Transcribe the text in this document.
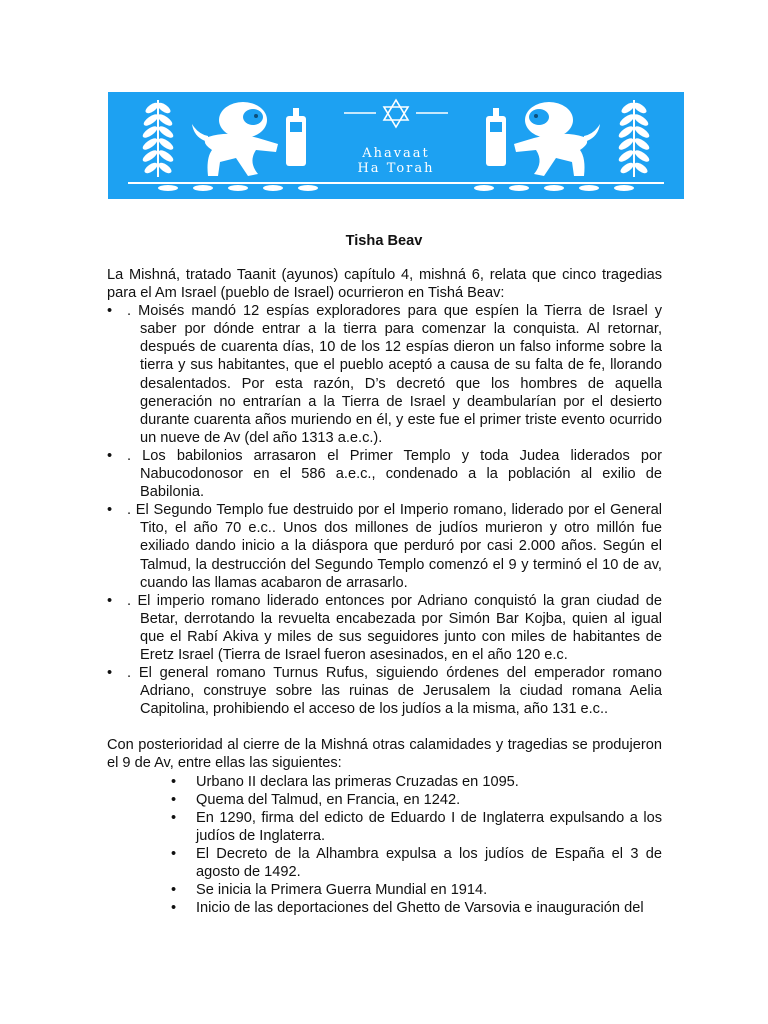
Ahavaat
Ha Torah
Tisha Beav

La Mishná, tratado Taanit (ayunos) capítulo 4, mishná 6, relata que cinco tragedias para el Am Israel (pueblo de Israel) ocurrieron en Tishá Beav:

• . Moisés mandó 12 espías exploradores para que espíen la Tierra de Israel y saber por dónde entrar a la tierra para comenzar la conquista. Al retornar, después de cuarenta días, 10 de los 12 espías dieron un falso informe sobre la tierra y sus habitantes, que el pueblo aceptó a causa de su falta de fe, llorando desalentados. Por esta razón, D’s decretó que los hombres de aquella generación no entrarían a la Tierra de Israel y deambularían por el desierto durante cuarenta años muriendo en él, y este fue el primer triste evento ocurrido un nueve de Av (del año 1313 a.e.c.).
• . Los babilonios arrasaron el Primer Templo y toda Judea liderados por Nabucodonosor en el 586 a.e.c., condenado a la población al exilio de Babilonia.
• . El Segundo Templo fue destruido por el Imperio romano, liderado por el General Tito, el año 70 e.c.. Unos dos millones de judíos murieron y otro millón fue exiliado dando inicio a la diáspora que perduró por casi 2.000 años. Según el Talmud, la destrucción del Segundo Templo comenzó el 9 y terminó el 10 de av, cuando las llamas acabaron de arrasarlo.
• . El imperio romano liderado entonces por Adriano conquistó la gran ciudad de Betar, derrotando la revuelta encabezada por Simón Bar Kojba, quien al igual que el Rabí Akiva y miles de sus seguidores junto con miles de habitantes de Eretz Israel (Tierra de Israel fueron asesinados, en el año 120 e.c.
• . El general romano Turnus Rufus, siguiendo órdenes del emperador romano Adriano, construye sobre las ruinas de Jerusalem la ciudad romana Aelia Capitolina, prohibiendo el acceso de los judíos a la misma, año 131 e.c..

Con posterioridad al cierre de la Mishná otras calamidades y tragedias se produjeron el 9 de Av, entre ellas las siguientes:

• Urbano II declara las primeras Cruzadas en 1095.
• Quema del Talmud, en Francia, en 1242.
• En 1290, firma del edicto de Eduardo I de Inglaterra expulsando a los judíos de Inglaterra.
• El Decreto de la Alhambra expulsa a los judíos de España el 3 de agosto de 1492.
• Se inicia la Primera Guerra Mundial en 1914.
• Inicio de las deportaciones del Ghetto de Varsovia e inauguración del
